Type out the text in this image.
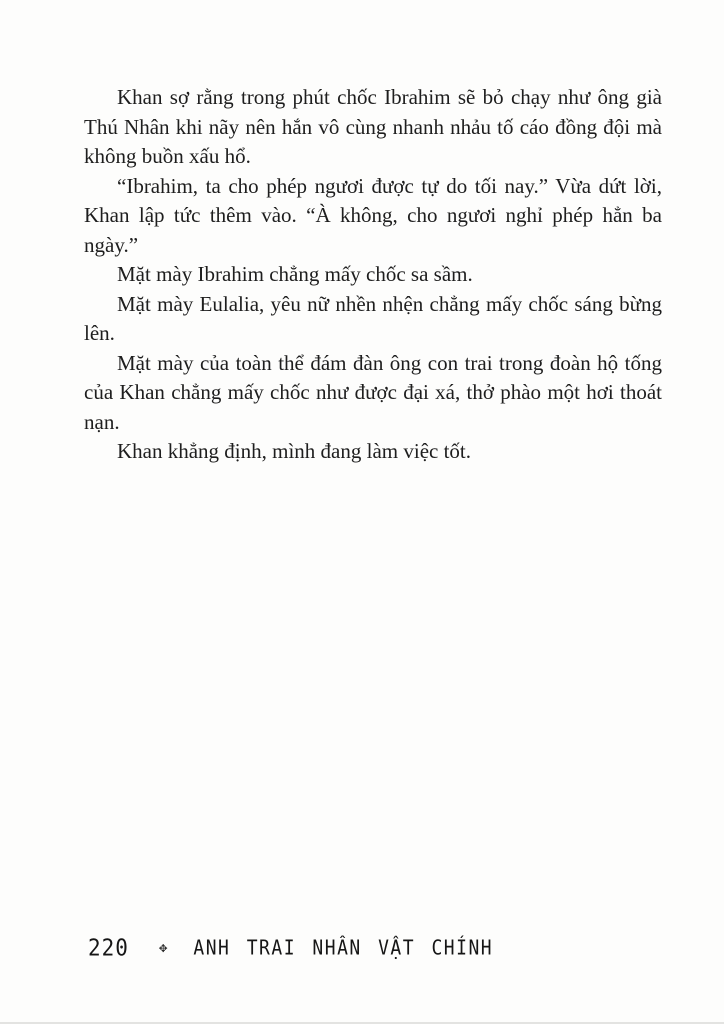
Khan sợ rằng trong phút chốc Ibrahim sẽ bỏ chạy như ông già Thú Nhân khi nãy nên hắn vô cùng nhanh nhảu tố cáo đồng đội mà không buồn xấu hổ.

“Ibrahim, ta cho phép ngươi được tự do tối nay.” Vừa dứt lời, Khan lập tức thêm vào. “À không, cho ngươi nghỉ phép hẳn ba ngày.”

Mặt mày Ibrahim chẳng mấy chốc sa sầm.

Mặt mày Eulalia, yêu nữ nhền nhện chẳng mấy chốc sáng bừng lên.

Mặt mày của toàn thể đám đàn ông con trai trong đoàn hộ tống của Khan chẳng mấy chốc như được đại xá, thở phào một hơi thoát nạn.

Khan khẳng định, mình đang làm việc tốt.

220 ✥ ANH TRAI NHÂN VẬT CHÍNH
